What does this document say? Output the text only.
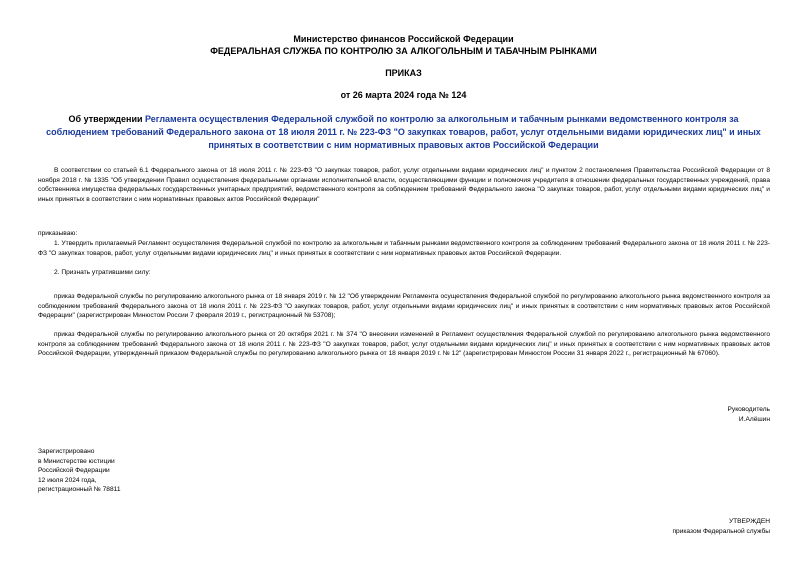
Министерство финансов Российской Федерации
ФЕДЕРАЛЬНАЯ СЛУЖБА ПО КОНТРОЛЮ ЗА АЛКОГОЛЬНЫМ И ТАБАЧНЫМ РЫНКАМИ
ПРИКАЗ
от 26 марта 2024 года № 124
Об утверждении Регламента осуществления Федеральной службой по контролю за алкогольным и табачным рынками ведомственного контроля за соблюдением требований Федерального закона от 18 июля 2011 г. № 223-ФЗ "О закупках товаров, работ, услуг отдельными видами юридических лиц" и иных принятых в соответствии с ним нормативных правовых актов Российской Федерации
В соответствии со статьей 6.1 Федерального закона от 18 июля 2011 г. № 223-ФЗ "О закупках товаров, работ, услуг отдельными видами юридических лиц" и пунктом 2 постановления Правительства Российской Федерации от 8 ноября 2018 г. № 1335 "Об утверждении Правил осуществления федеральными органами исполнительной власти, осуществляющими функции и полномочия учредителя в отношении федеральных государственных учреждений, права собственника имущества федеральных государственных унитарных предприятий, ведомственного контроля за соблюдением требований Федерального закона "О закупках товаров, работ, услуг отдельными видами юридических лиц" и иных принятых в соответствии с ним нормативных правовых актов Российской Федерации"
приказываю:
1. Утвердить прилагаемый Регламент осуществления Федеральной службой по контролю за алкогольным и табачным рынками ведомственного контроля за соблюдением требований Федерального закона от 18 июля 2011 г. № 223-ФЗ "О закупках товаров, работ, услуг отдельными видами юридических лиц" и иных принятых в соответствии с ним нормативных правовых актов Российской Федерации.
2. Признать утратившими силу:
приказ Федеральной службы по регулированию алкогольного рынка от 18 января 2019 г. № 12 "Об утверждении Регламента осуществления Федеральной службой по регулированию алкогольного рынка ведомственного контроля за соблюдением требований Федерального закона от 18 июля 2011 г. № 223-ФЗ "О закупках товаров, работ, услуг отдельными видами юридических лиц" и иных принятых в соответствии с ним нормативных правовых актов Российской Федерации" (зарегистрирован Минюстом России 7 февраля 2019 г., регистрационный № 53708);
приказ Федеральной службы по регулированию алкогольного рынка от 20 октября 2021 г. № 374 "О внесении изменений в Регламент осуществления Федеральной службой по регулированию алкогольного рынка ведомственного контроля за соблюдением требований Федерального закона от 18 июля 2011 г. № 223-ФЗ "О закупках товаров, работ, услуг отдельными видами юридических лиц" и иных принятых в соответствии с ним нормативных правовых актов Российской Федерации, утвержденный приказом Федеральной службы по регулированию алкогольного рынка от 18 января 2019 г. № 12" (зарегистрирован Минюстом России 31 января 2022 г., регистрационный № 67060).
Руководитель
И.Алёшин
Зарегистрировано
в Министерстве юстиции
Российской Федерации
12 июля 2024 года,
регистрационный № 78811
УТВЕРЖДЕН
приказом Федеральной службы
